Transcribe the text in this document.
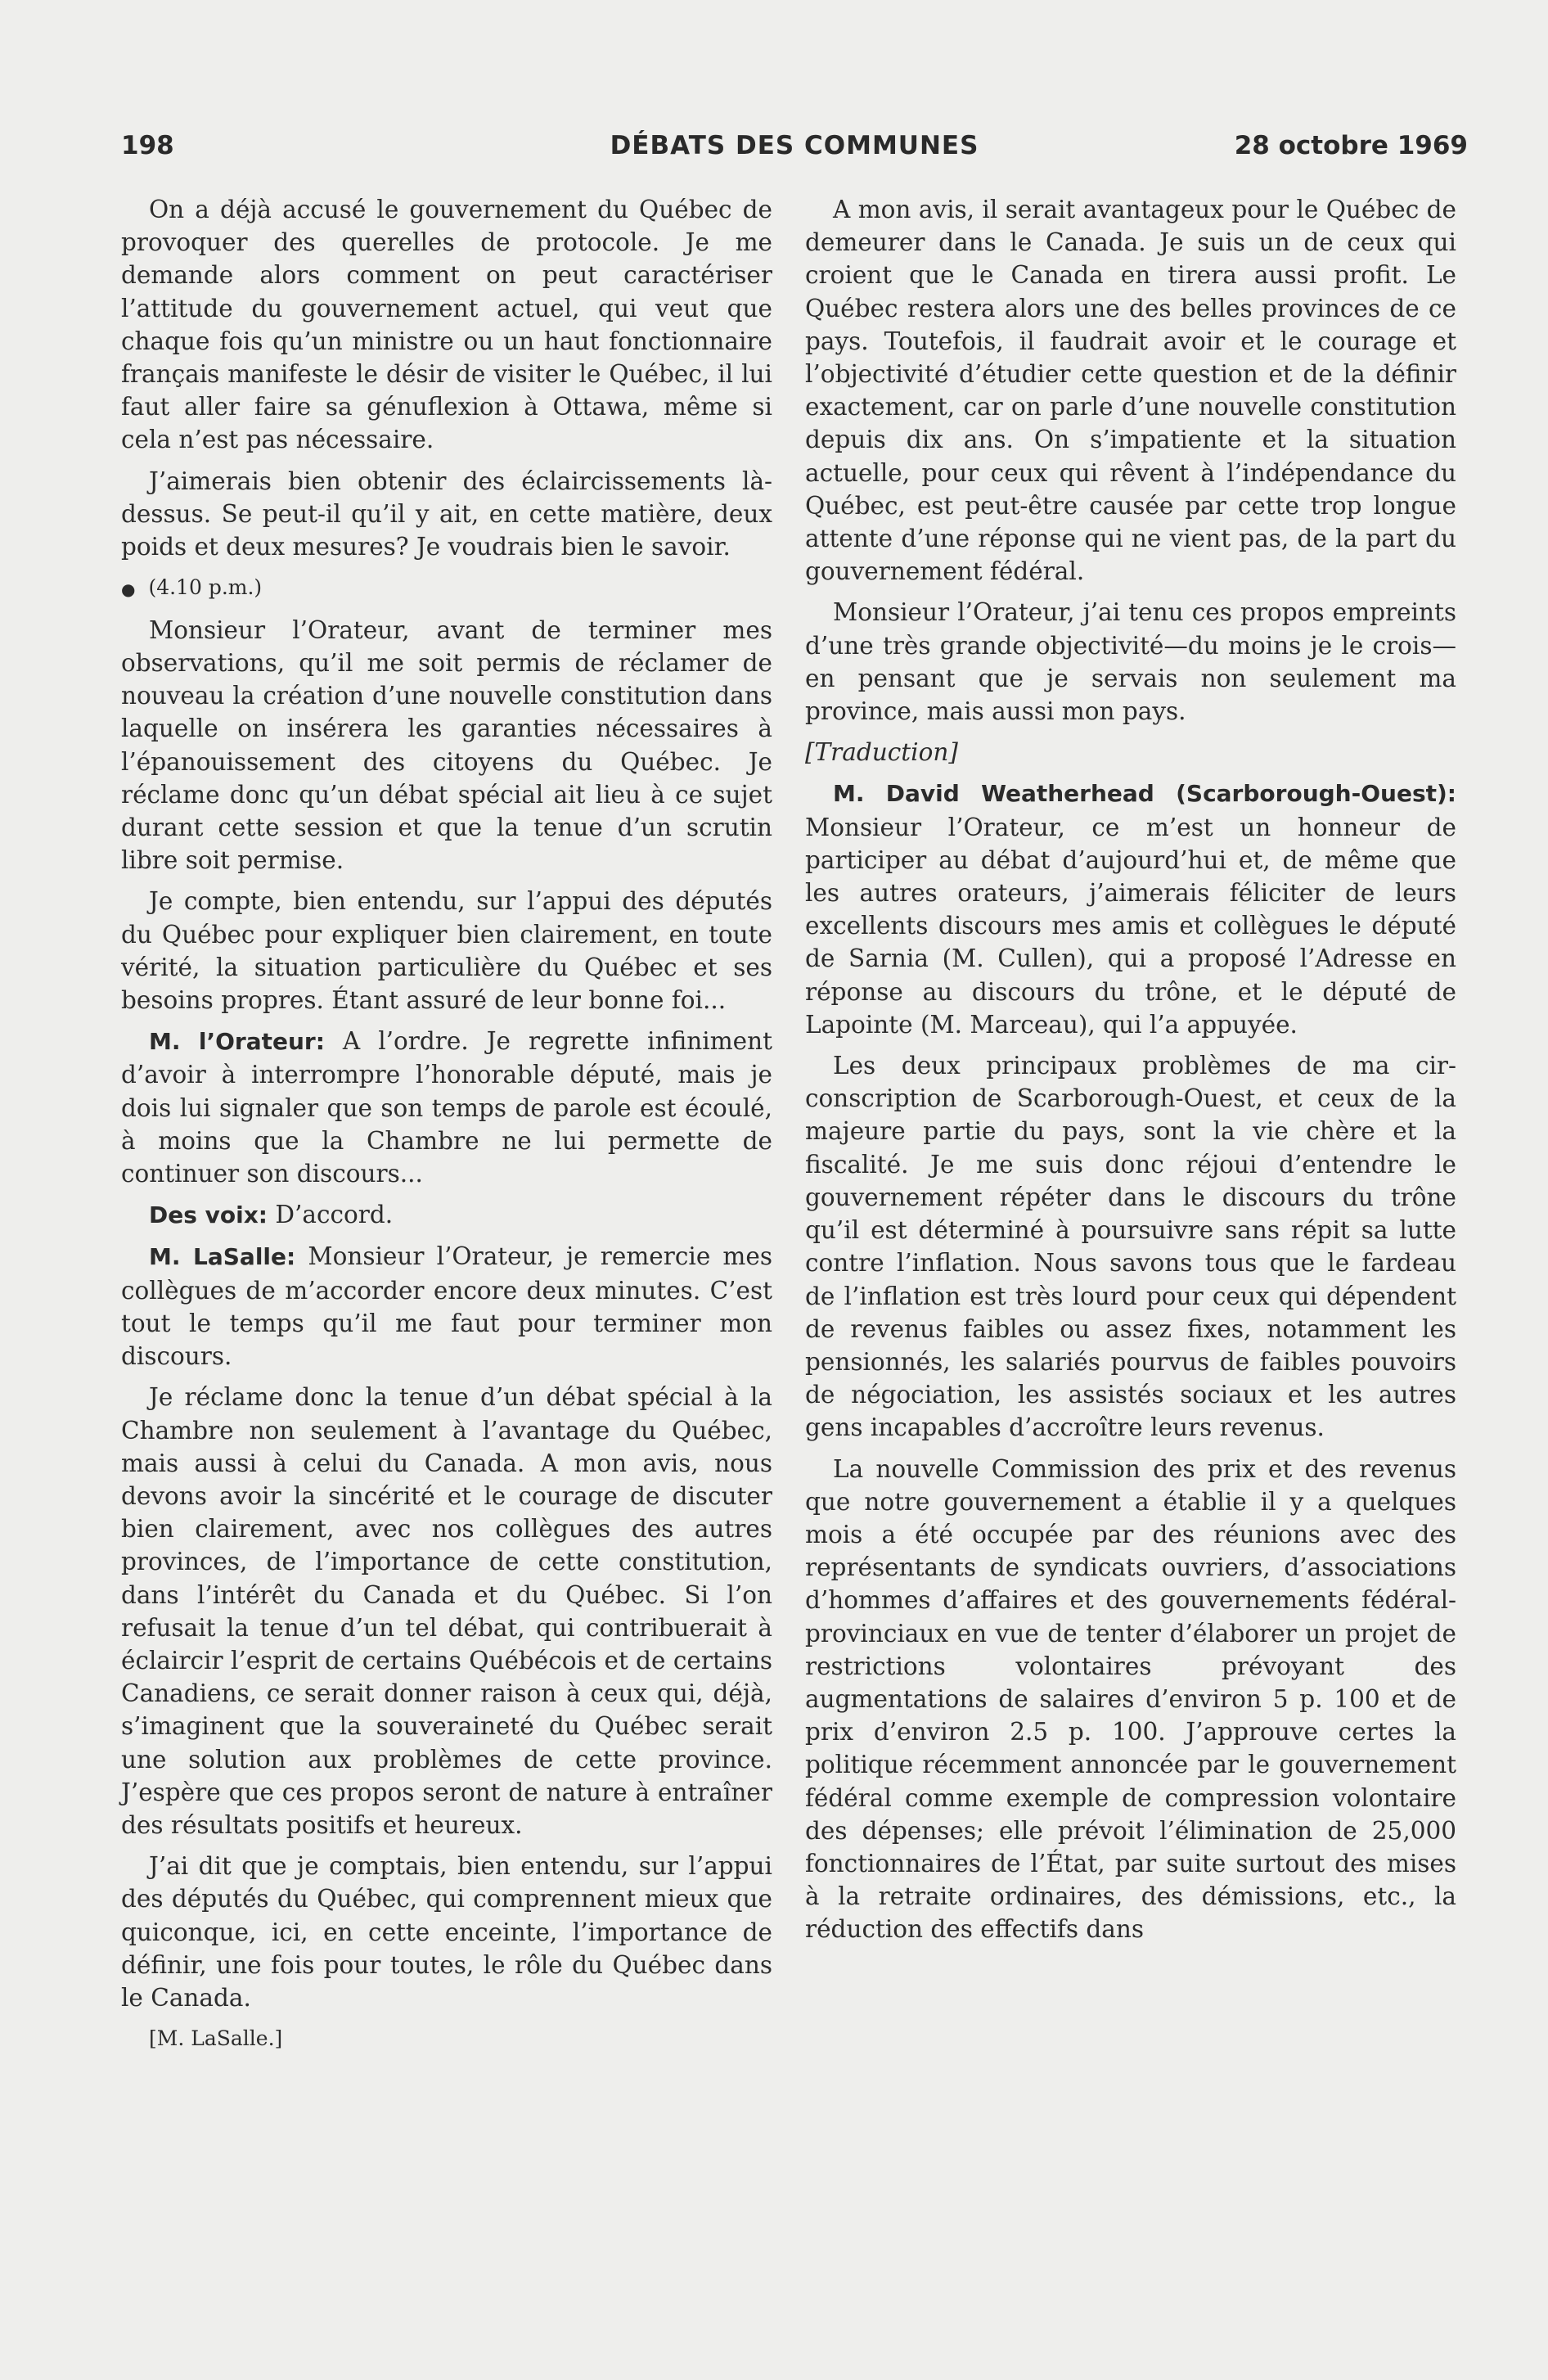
198	DÉBATS DES COMMUNES	28 octobre 1969

On a déjà accusé le gouvernement du Québec de provoquer des querelles de protocole. Je me demande alors comment on peut caractériser l’attitude du gouvernement actuel, qui veut que chaque fois qu’un ministre ou un haut fonctionnaire français manifeste le désir de visiter le Québec, il lui faut aller faire sa génuflexion à Ottawa, même si cela n’est pas nécessaire.

J’aimerais bien obtenir des éclaircissements là-dessus. Se peut-il qu’il y ait, en cette matière, deux poids et deux mesures? Je voudrais bien le savoir.

● (4.10 p.m.)

Monsieur l’Orateur, avant de terminer mes observations, qu’il me soit permis de réclamer de nouveau la création d’une nouvelle constitution dans laquelle on insérera les garanties nécessaires à l’épanouissement des citoyens du Québec. Je réclame donc qu’un débat spécial ait lieu à ce sujet durant cette session et que la tenue d’un scrutin libre soit permise.

Je compte, bien entendu, sur l’appui des députés du Québec pour expliquer bien clairement, en toute vérité, la situation particulière du Québec et ses besoins propres. Étant assuré de leur bonne foi...

M. l’Orateur: A l’ordre. Je regrette infiniment d’avoir à interrompre l’honorable député, mais je dois lui signaler que son temps de parole est écoulé, à moins que la Chambre ne lui permette de continuer son discours...

Des voix: D’accord.

M. LaSalle: Monsieur l’Orateur, je remercie mes collègues de m’accorder encore deux minutes. C’est tout le temps qu’il me faut pour terminer mon discours.

Je réclame donc la tenue d’un débat spécial à la Chambre non seulement à l’avantage du Québec, mais aussi à celui du Canada. A mon avis, nous devons avoir la sincérité et le courage de discuter bien clairement, avec nos collègues des autres provinces, de l’importance de cette constitution, dans l’intérêt du Canada et du Québec. Si l’on refusait la tenue d’un tel débat, qui contribuerait à éclaircir l’esprit de certains Québécois et de certains Canadiens, ce serait donner raison à ceux qui, déjà, s’imaginent que la souveraineté du Québec serait une solution aux problèmes de cette province. J’espère que ces propos seront de nature à entraîner des résultats positifs et heureux.

J’ai dit que je comptais, bien entendu, sur l’appui des députés du Québec, qui comprennent mieux que quiconque, ici, en cette enceinte, l’importance de définir, une fois pour toutes, le rôle du Québec dans le Canada.

[M. LaSalle.]

A mon avis, il serait avantageux pour le Québec de demeurer dans le Canada. Je suis un de ceux qui croient que le Canada en tirera aussi profit. Le Québec restera alors une des belles provinces de ce pays. Toutefois, il faudrait avoir et le courage et l’objectivité d’étudier cette question et de la définir exactement, car on parle d’une nouvelle constitution depuis dix ans. On s’impatiente et la situation actuelle, pour ceux qui rêvent à l’indépendance du Québec, est peut-être causée par cette trop longue attente d’une réponse qui ne vient pas, de la part du gouvernement fédéral.

Monsieur l’Orateur, j’ai tenu ces propos empreints d’une très grande objectivité—du moins je le crois—en pensant que je servais non seulement ma province, mais aussi mon pays.

[Traduction]

M. David Weatherhead (Scarborough-Ouest): Monsieur l’Orateur, ce m’est un honneur de participer au débat d’aujourd’hui et, de même que les autres orateurs, j’aimerais féliciter de leurs excellents discours mes amis et collègues le député de Sarnia (M. Cullen), qui a proposé l’Adresse en réponse au discours du trône, et le député de Lapointe (M. Marceau), qui l’a appuyée.

Les deux principaux problèmes de ma circonscription de Scarborough-Ouest, et ceux de la majeure partie du pays, sont la vie chère et la fiscalité. Je me suis donc réjoui d’entendre le gouvernement répéter dans le discours du trône qu’il est déterminé à poursuivre sans répit sa lutte contre l’inflation. Nous savons tous que le fardeau de l’inflation est très lourd pour ceux qui dépendent de revenus faibles ou assez fixes, notamment les pensionnés, les salariés pourvus de faibles pouvoirs de négociation, les assistés sociaux et les autres gens incapables d’accroître leurs revenus.

La nouvelle Commission des prix et des revenus que notre gouvernement a établie il y a quelques mois a été occupée par des réunions avec des représentants de syndicats ouvriers, d’associations d’hommes d’affaires et des gouvernements fédéral-provinciaux en vue de tenter d’élaborer un projet de restrictions volontaires prévoyant des augmentations de salaires d’environ 5 p. 100 et de prix d’environ 2.5 p. 100. J’approuve certes la politique récemment annoncée par le gouvernement fédéral comme exemple de compression volontaire des dépenses; elle prévoit l’élimination de 25,000 fonctionnaires de l’État, par suite surtout des mises à la retraite ordinaires, des démissions, etc., la réduction des effectifs dans
